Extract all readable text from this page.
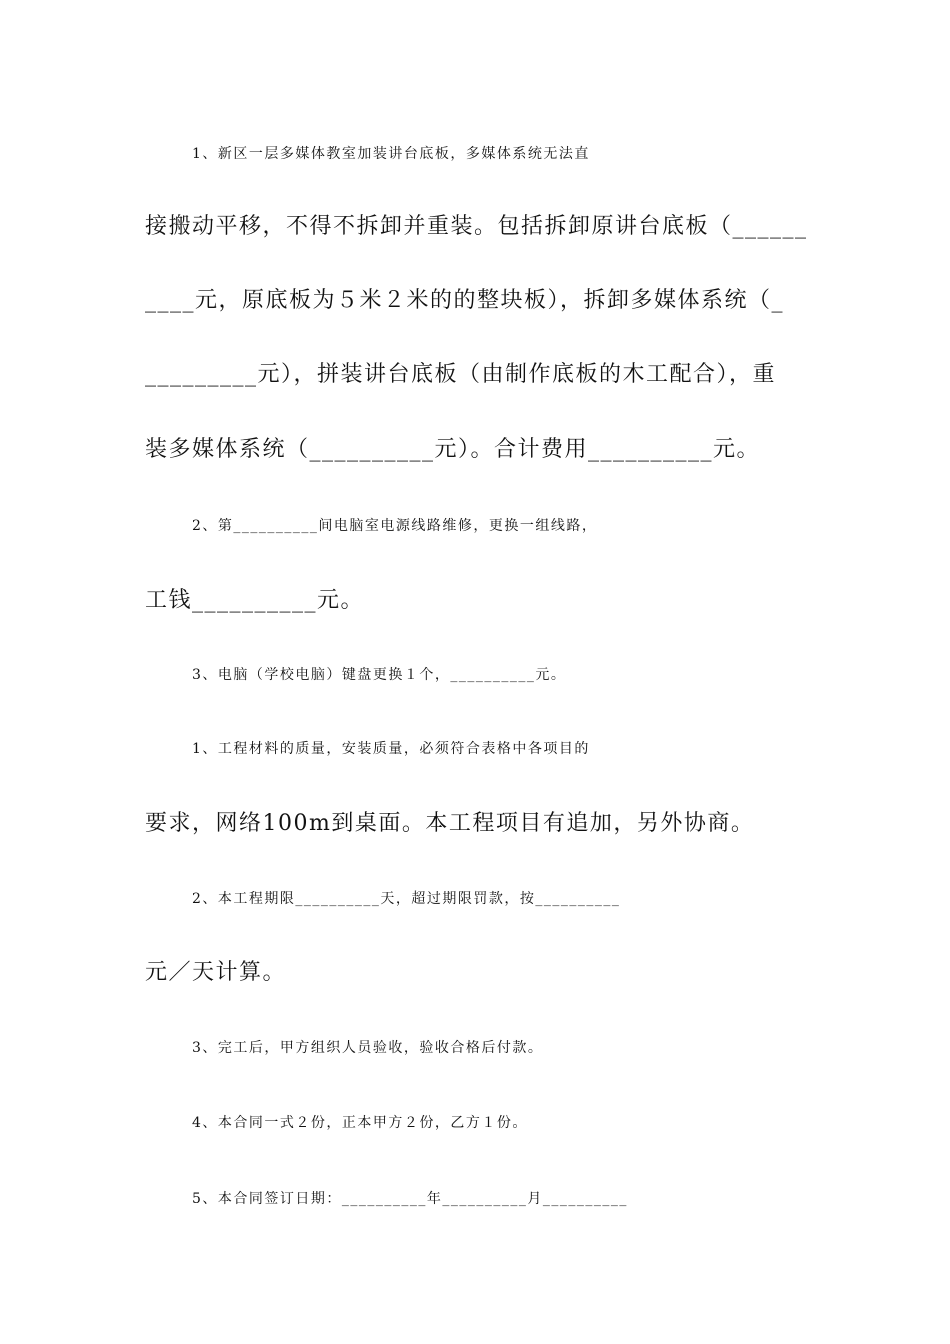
1、新区一层多媒体教室加装讲台底板，多媒体系统无法直
接搬动平移，不得不拆卸并重装。包括拆卸原讲台底板（______
____元，原底板为５米２米的的整块板），拆卸多媒体系统（_
_________元），拼装讲台底板（由制作底板的木工配合），重
装多媒体系统（__________元）。合计费用__________元。
2、第__________间电脑室电源线路维修，更换一组线路，
工钱__________元。
3、电脑（学校电脑）键盘更换１个，__________元。
1、工程材料的质量，安装质量，必须符合表格中各项目的
要求，网络100m到桌面。本工程项目有追加，另外协商。
2、本工程期限__________天，超过期限罚款，按__________
元／天计算。
3、完工后，甲方组织人员验收，验收合格后付款。
4、本合同一式２份，正本甲方２份，乙方１份。
5、本合同签订日期：__________年__________月__________
